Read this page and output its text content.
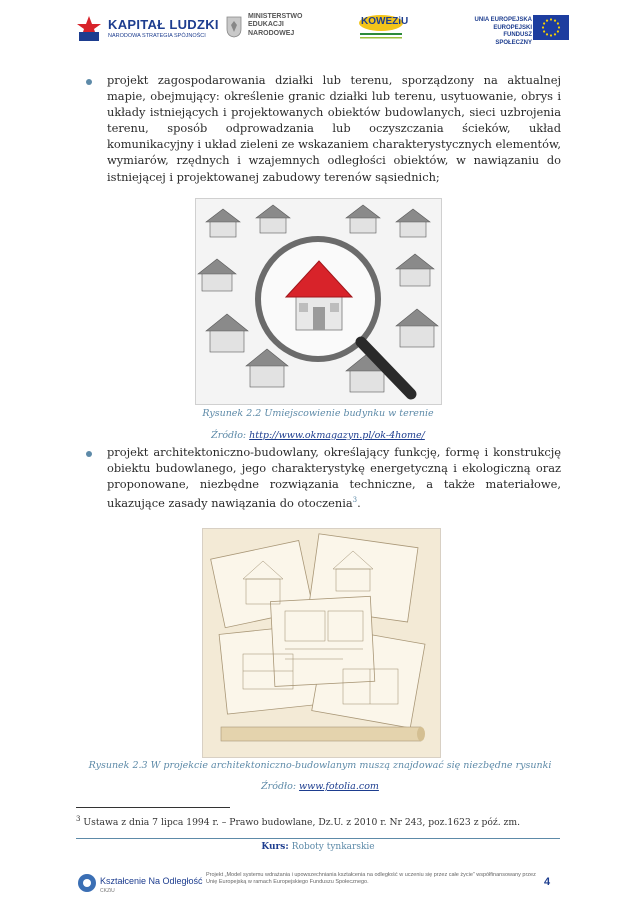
KAPITAŁ LUDZKI
NARODOWA STRATEGIA SPÓJNOŚCI
MINISTERSTWO EDUKACJI NARODOWEJ
KOWEZiU	UNIA EUROPEJSKA EUROPEJSKI FUNDUSZ SPOŁECZNY
projekt zagospodarowania działki lub terenu, sporządzony na aktualnej mapie, obejmujący: określenie granic działki lub terenu, usytuowanie, obrys i układy istniejących i projektowanych obiektów budowlanych, sieci uzbrojenia terenu, sposób odprowadzania lub oczyszczania ścieków, układ komunikacyjny i układ zieleni ze wskazaniem charakterystycznych elementów, wymiarów, rzędnych i wzajemnych odległości obiektów, w nawiązaniu do istniejącej i projektowanej zabudowy terenów sąsiednich;
Rysunek 2.2 Umiejscowienie budynku w terenie
Źródło: http://www.okmagazyn.pl/ok-4home/
projekt architektoniczno-budowlany, określający funkcję, formę i konstrukcję obiektu budowlanego, jego charakterystykę energetyczną i ekologiczną oraz proponowane, niezbędne rozwiązania techniczne, a także materiałowe, ukazujące zasady nawiązania do otoczenia$^3$.
Rysunek 2.3 W projekcie architektoniczno-budowlanym muszą znajdować się niezbędne rysunki
Źródło: www.fotolia.com
$^3$ Ustawa z dnia 7 lipca 1994 r. – Prawo budowlane, Dz.U. z 2010 r. Nr 243, poz.1623 z póź. zm.
Kurs: Roboty tynkarskie
Kształcenie Na Odległość
CKZiU
Projekt „Model systemu wdrażania i upowszechniania kształcenia na odległość w uczeniu się przez całe życie” współfinansowany przez Unię Europejską w ramach Europejskiego Funduszu Społecznego.	4
